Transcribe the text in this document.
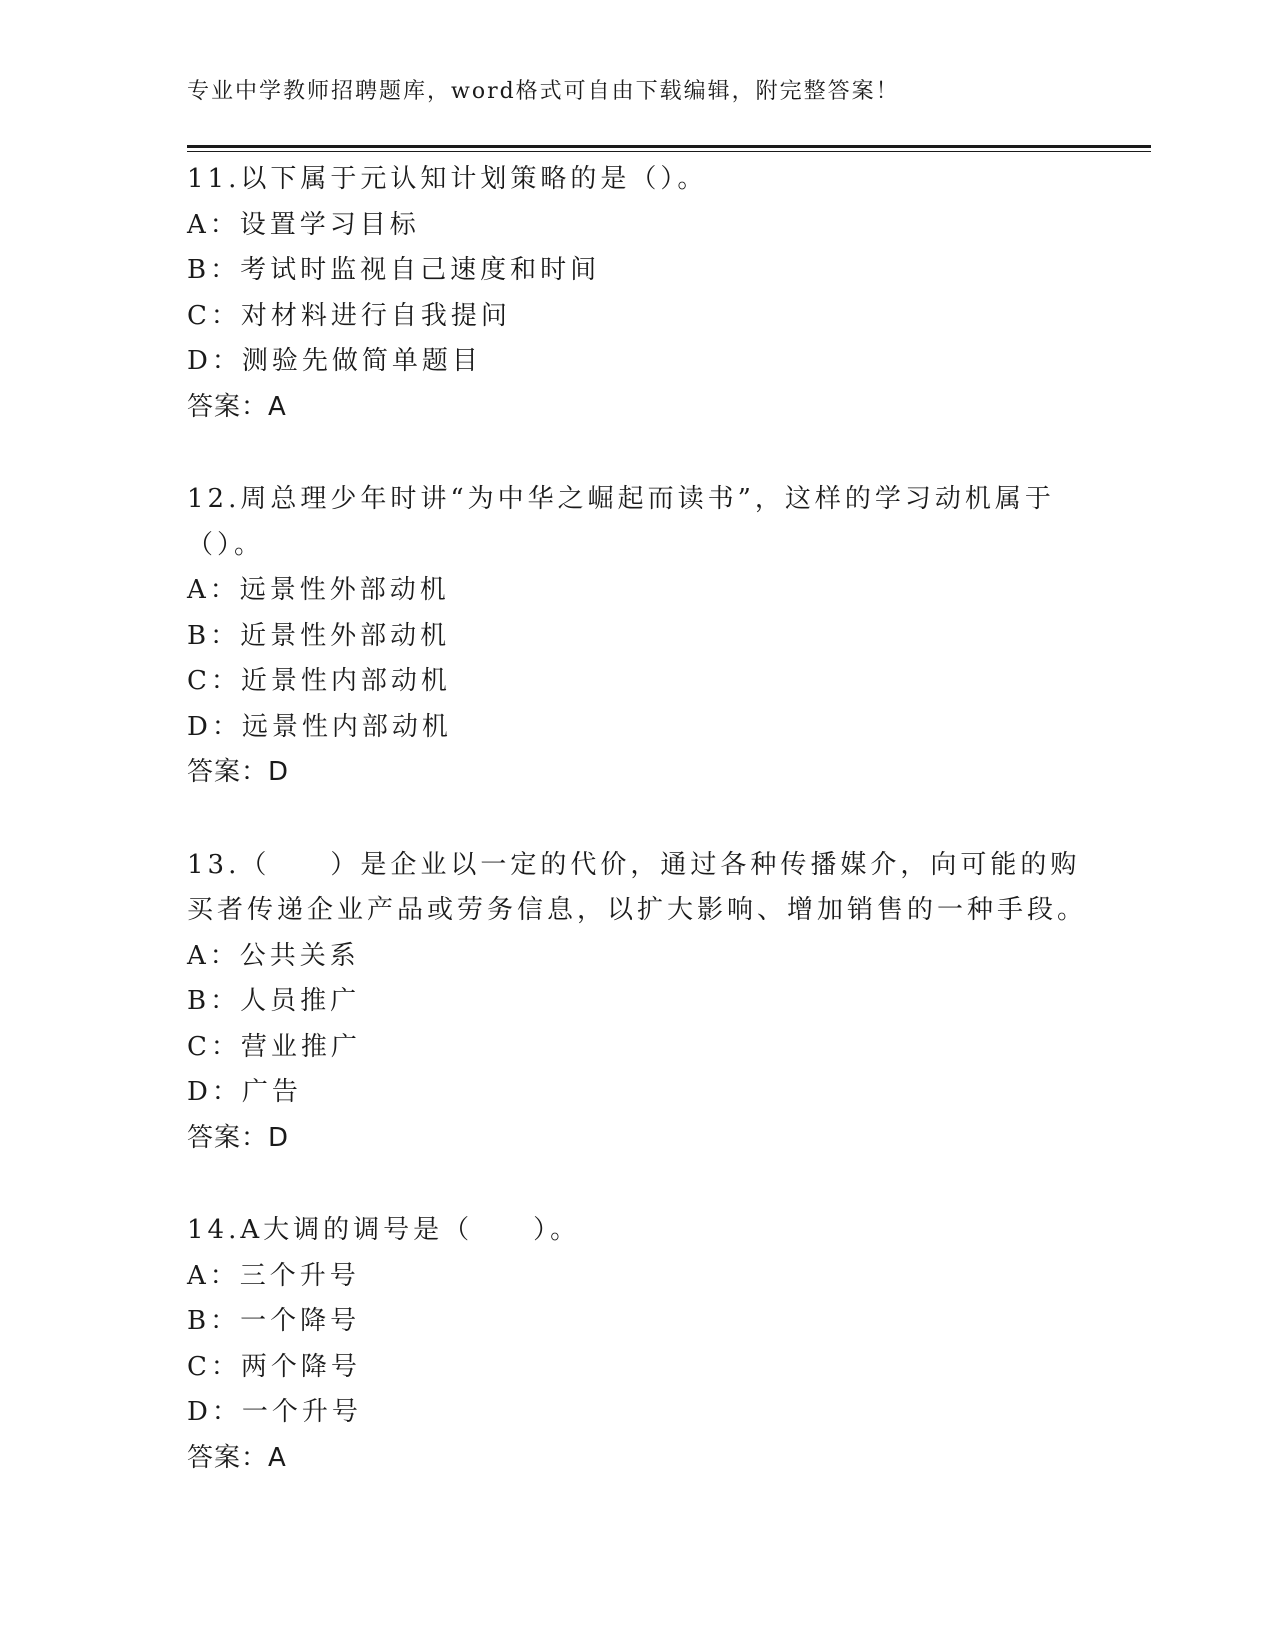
专业中学教师招聘题库，word格式可自由下载编辑，附完整答案！
11.以下属于元认知计划策略的是（）。
A：设置学习目标
B：考试时监视自己速度和时间
C：对材料进行自我提问
D：测验先做简单题目
答案：A
12.周总理少年时讲“为中华之崛起而读书”，这样的学习动机属于（）。
A：远景性外部动机
B：近景性外部动机
C：近景性内部动机
D：远景性内部动机
答案：D
13.（　　）是企业以一定的代价，通过各种传播媒介，向可能的购买者传递企业产品或劳务信息，以扩大影响、增加销售的一种手段。
A：公共关系
B：人员推广
C：营业推广
D：广告
答案：D
14.A大调的调号是（　　）。
A：三个升号
B：一个降号
C：两个降号
D：一个升号
答案：A
